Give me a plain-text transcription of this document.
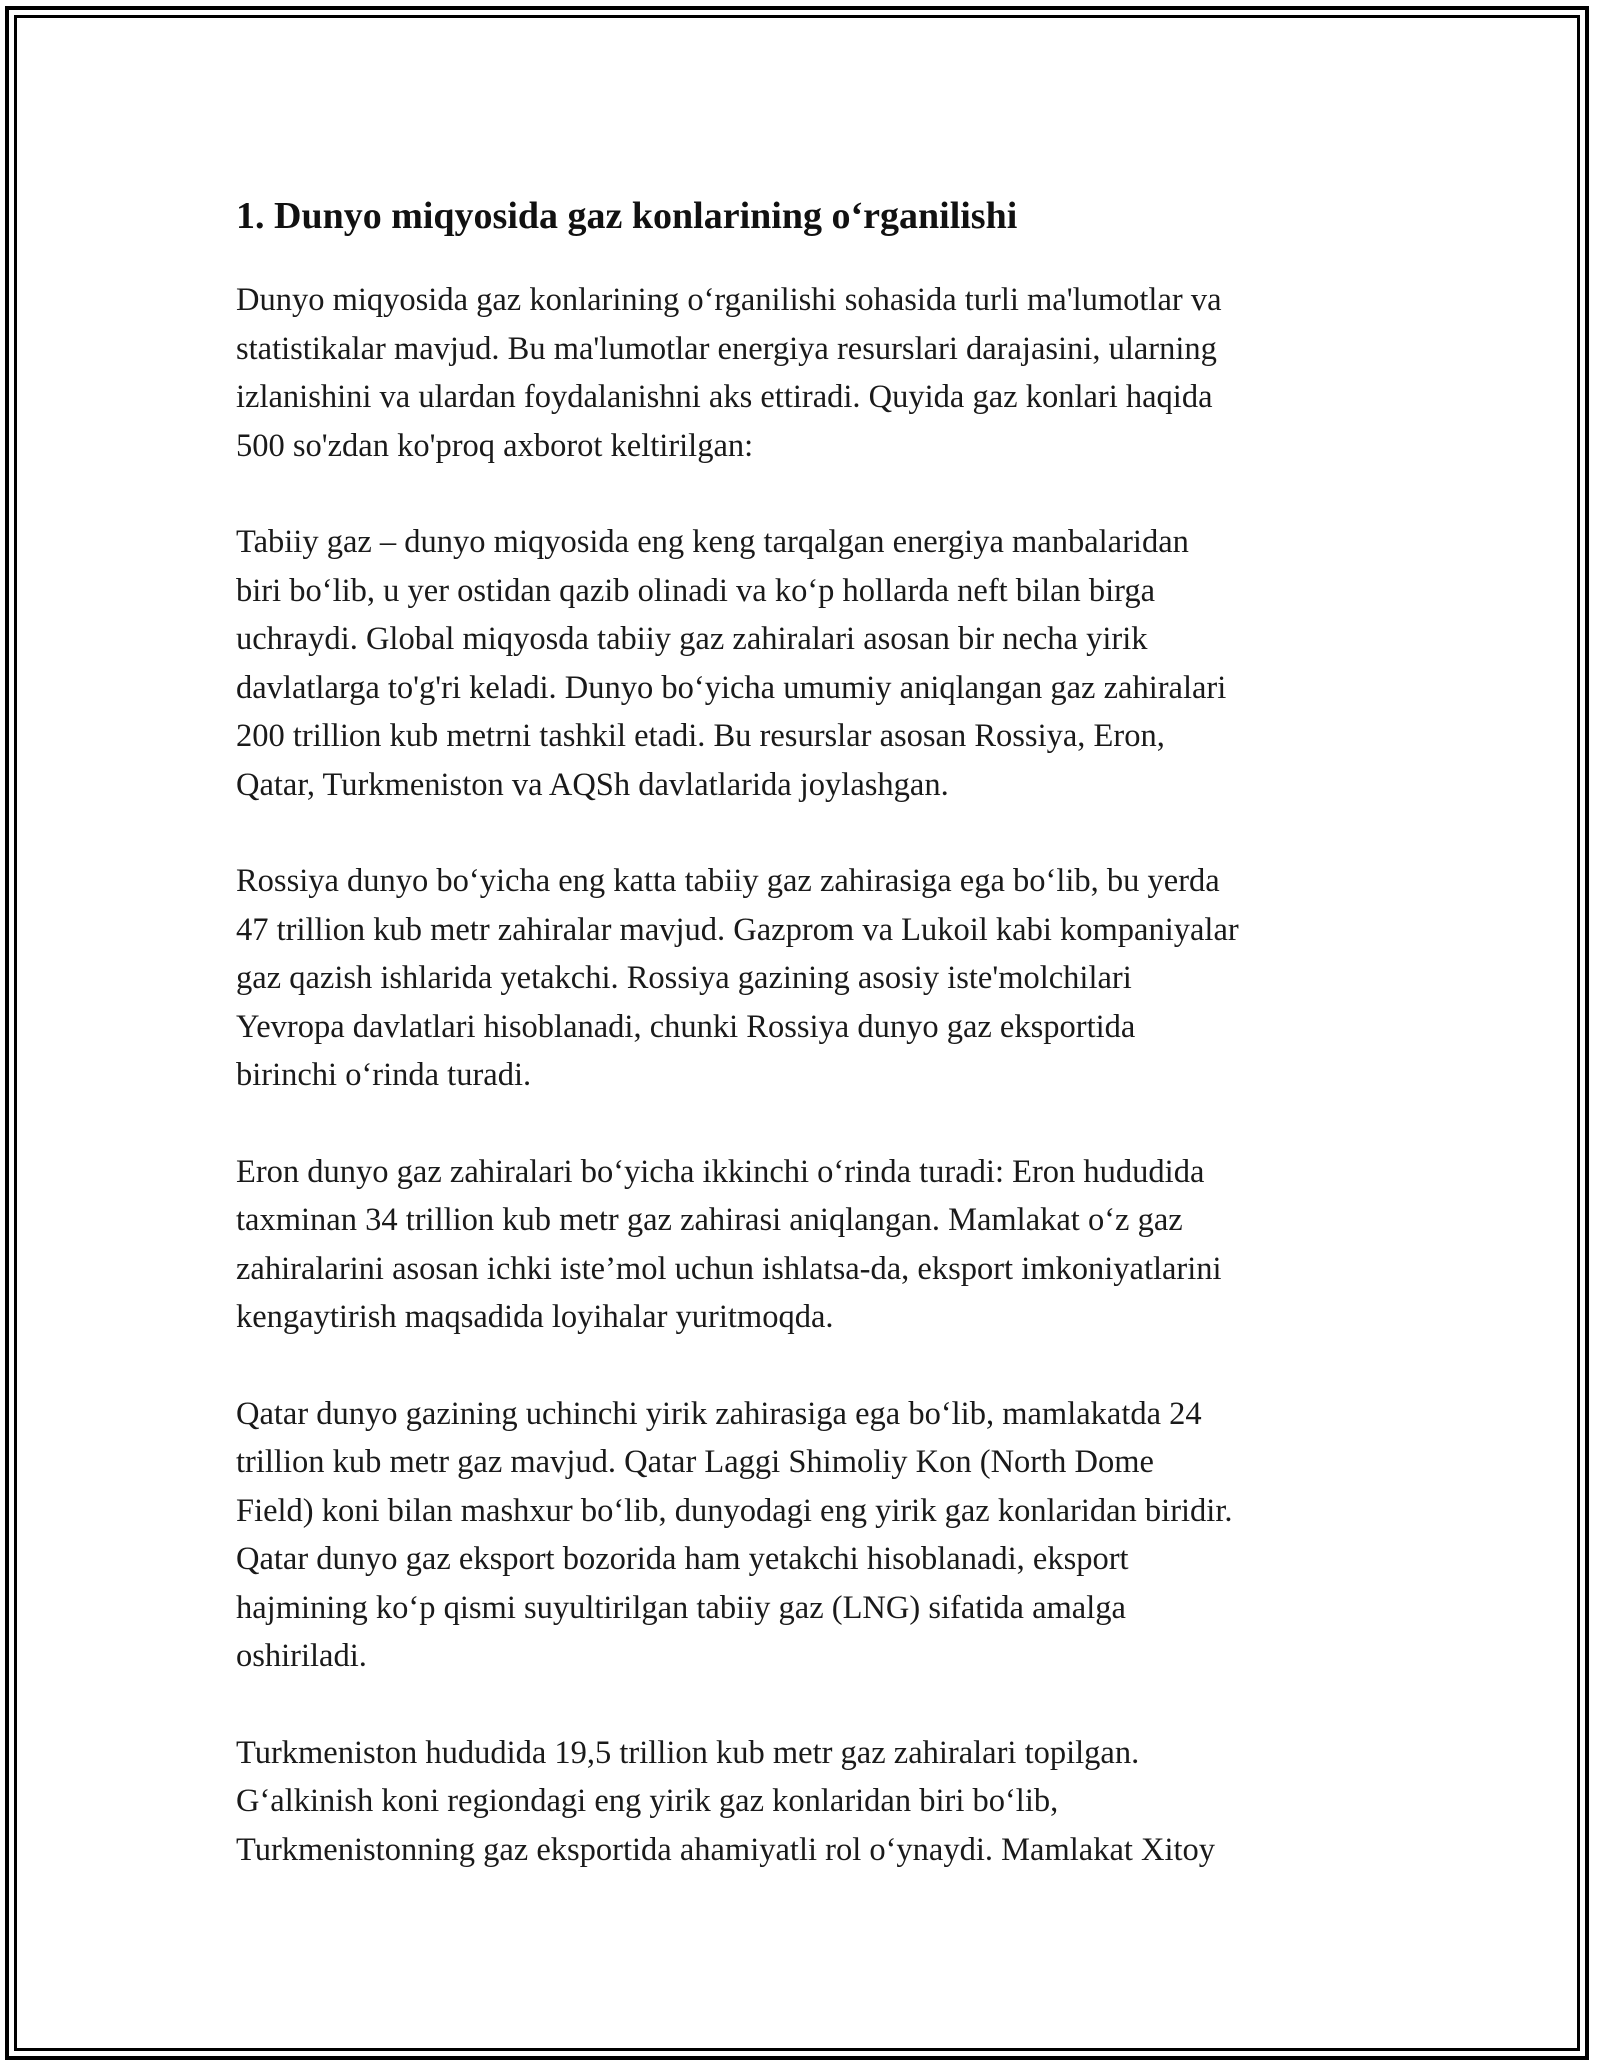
1. Dunyo miqyosida gaz konlarining o‘rganilishi

Dunyo miqyosida gaz konlarining o‘rganilishi sohasida turli ma'lumotlar va
statistikalar mavjud. Bu ma'lumotlar energiya resurslari darajasini, ularning
izlanishini va ulardan foydalanishni aks ettiradi. Quyida gaz konlari haqida
500 so'zdan ko'proq axborot keltirilgan:

Tabiiy gaz – dunyo miqyosida eng keng tarqalgan energiya manbalaridan
biri bo‘lib, u yer ostidan qazib olinadi va ko‘p hollarda neft bilan birga
uchraydi. Global miqyosda tabiiy gaz zahiralari asosan bir necha yirik
davlatlarga to'g'ri keladi. Dunyo bo‘yicha umumiy aniqlangan gaz zahiralari
200 trillion kub metrni tashkil etadi. Bu resurslar asosan Rossiya, Eron,
Qatar, Turkmeniston va AQSh davlatlarida joylashgan.

Rossiya dunyo bo‘yicha eng katta tabiiy gaz zahirasiga ega bo‘lib, bu yerda
47 trillion kub metr zahiralar mavjud. Gazprom va Lukoil kabi kompaniyalar
gaz qazish ishlarida yetakchi. Rossiya gazining asosiy iste'molchilari
Yevropa davlatlari hisoblanadi, chunki Rossiya dunyo gaz eksportida
birinchi o‘rinda turadi.

Eron dunyo gaz zahiralari bo‘yicha ikkinchi o‘rinda turadi: Eron hududida
taxminan 34 trillion kub metr gaz zahirasi aniqlangan. Mamlakat o‘z gaz
zahiralarini asosan ichki iste’mol uchun ishlatsa-da, eksport imkoniyatlarini
kengaytirish maqsadida loyihalar yuritmoqda.

Qatar dunyo gazining uchinchi yirik zahirasiga ega bo‘lib, mamlakatda 24
trillion kub metr gaz mavjud. Qatar Laggi Shimoliy Kon (North Dome
Field) koni bilan mashxur bo‘lib, dunyodagi eng yirik gaz konlaridan biridir.
Qatar dunyo gaz eksport bozorida ham yetakchi hisoblanadi, eksport
hajmining ko‘p qismi suyultirilgan tabiiy gaz (LNG) sifatida amalga
oshiriladi.

Turkmeniston hududida 19,5 trillion kub metr gaz zahiralari topilgan.
G‘alkinish koni regiondagi eng yirik gaz konlaridan biri bo‘lib,
Turkmenistonning gaz eksportida ahamiyatli rol o‘ynaydi. Mamlakat Xitoy
